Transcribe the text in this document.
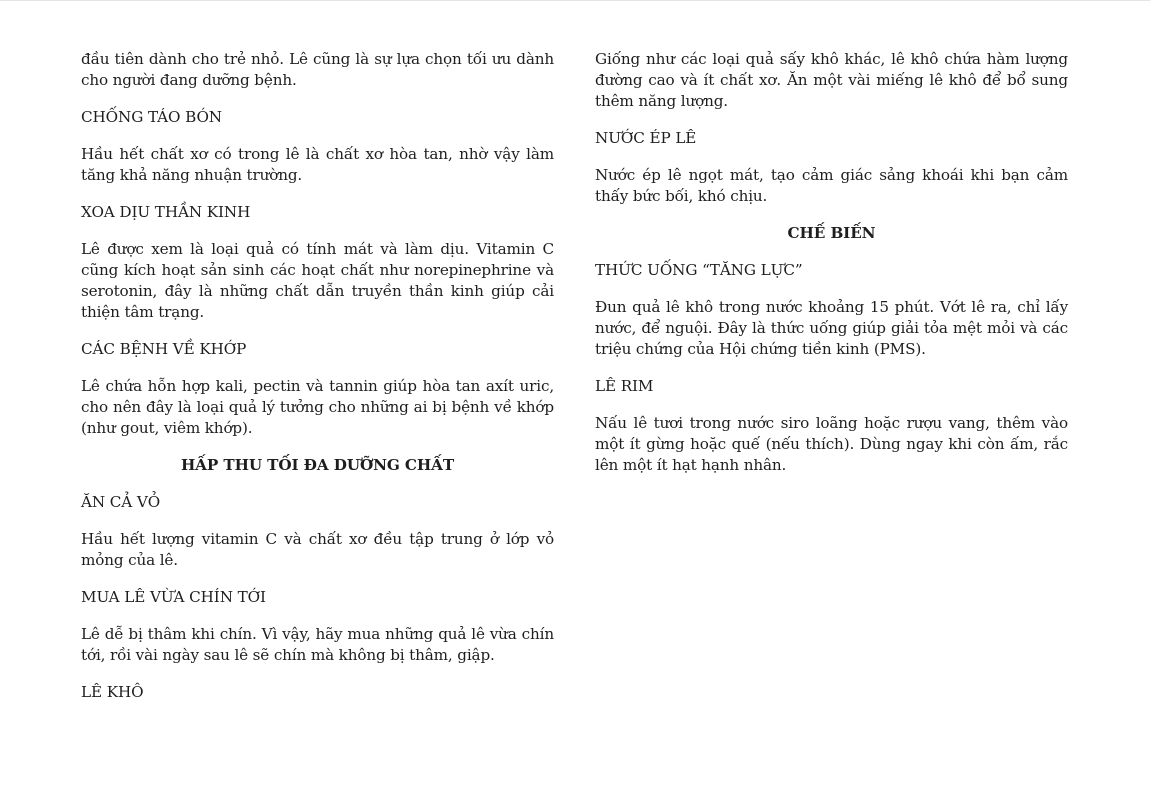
đầu tiên dành cho trẻ nhỏ. Lê cũng là sự lựa chọn tối ưu dành cho người đang dưỡng bệnh.

CHỐNG TÁO BÓN

Hầu hết chất xơ có trong lê là chất xơ hòa tan, nhờ vậy làm tăng khả năng nhuận trường.

XOA DỊU THẦN KINH

Lê được xem là loại quả có tính mát và làm dịu. Vitamin C cũng kích hoạt sản sinh các hoạt chất như norepinephrine và serotonin, đây là những chất dẫn truyền thần kinh giúp cải thiện tâm trạng.

CÁC BỆNH VỀ KHỚP

Lê chứa hỗn hợp kali, pectin và tannin giúp hòa tan axít uric, cho nên đây là loại quả lý tưởng cho những ai bị bệnh về khớp (như gout, viêm khớp).

HẤP THU TỐI ĐA DƯỠNG CHẤT

ĂN CẢ VỎ

Hầu hết lượng vitamin C và chất xơ đều tập trung ở lớp vỏ mỏng của lê.

MUA LÊ VỪA CHÍN TỚI

Lê dễ bị thâm khi chín. Vì vậy, hãy mua những quả lê vừa chín tới, rồi vài ngày sau lê sẽ chín mà không bị thâm, giập.

LÊ KHÔ

Giống như các loại quả sấy khô khác, lê khô chứa hàm lượng đường cao và ít chất xơ. Ăn một vài miếng lê khô để bổ sung thêm năng lượng.

NƯỚC ÉP LÊ

Nước ép lê ngọt mát, tạo cảm giác sảng khoái khi bạn cảm thấy bức bối, khó chịu.

CHẾ BIẾN

THỨC UỐNG “TĂNG LỰC”

Đun quả lê khô trong nước khoảng 15 phút. Vớt lê ra, chỉ lấy nước, để nguội. Đây là thức uống giúp giải tỏa mệt mỏi và các triệu chứng của Hội chứng tiền kinh (PMS).

LÊ RIM

Nấu lê tươi trong nước siro loãng hoặc rượu vang, thêm vào một ít gừng hoặc quế (nếu thích). Dùng ngay khi còn ấm, rắc lên một ít hạt hạnh nhân.
